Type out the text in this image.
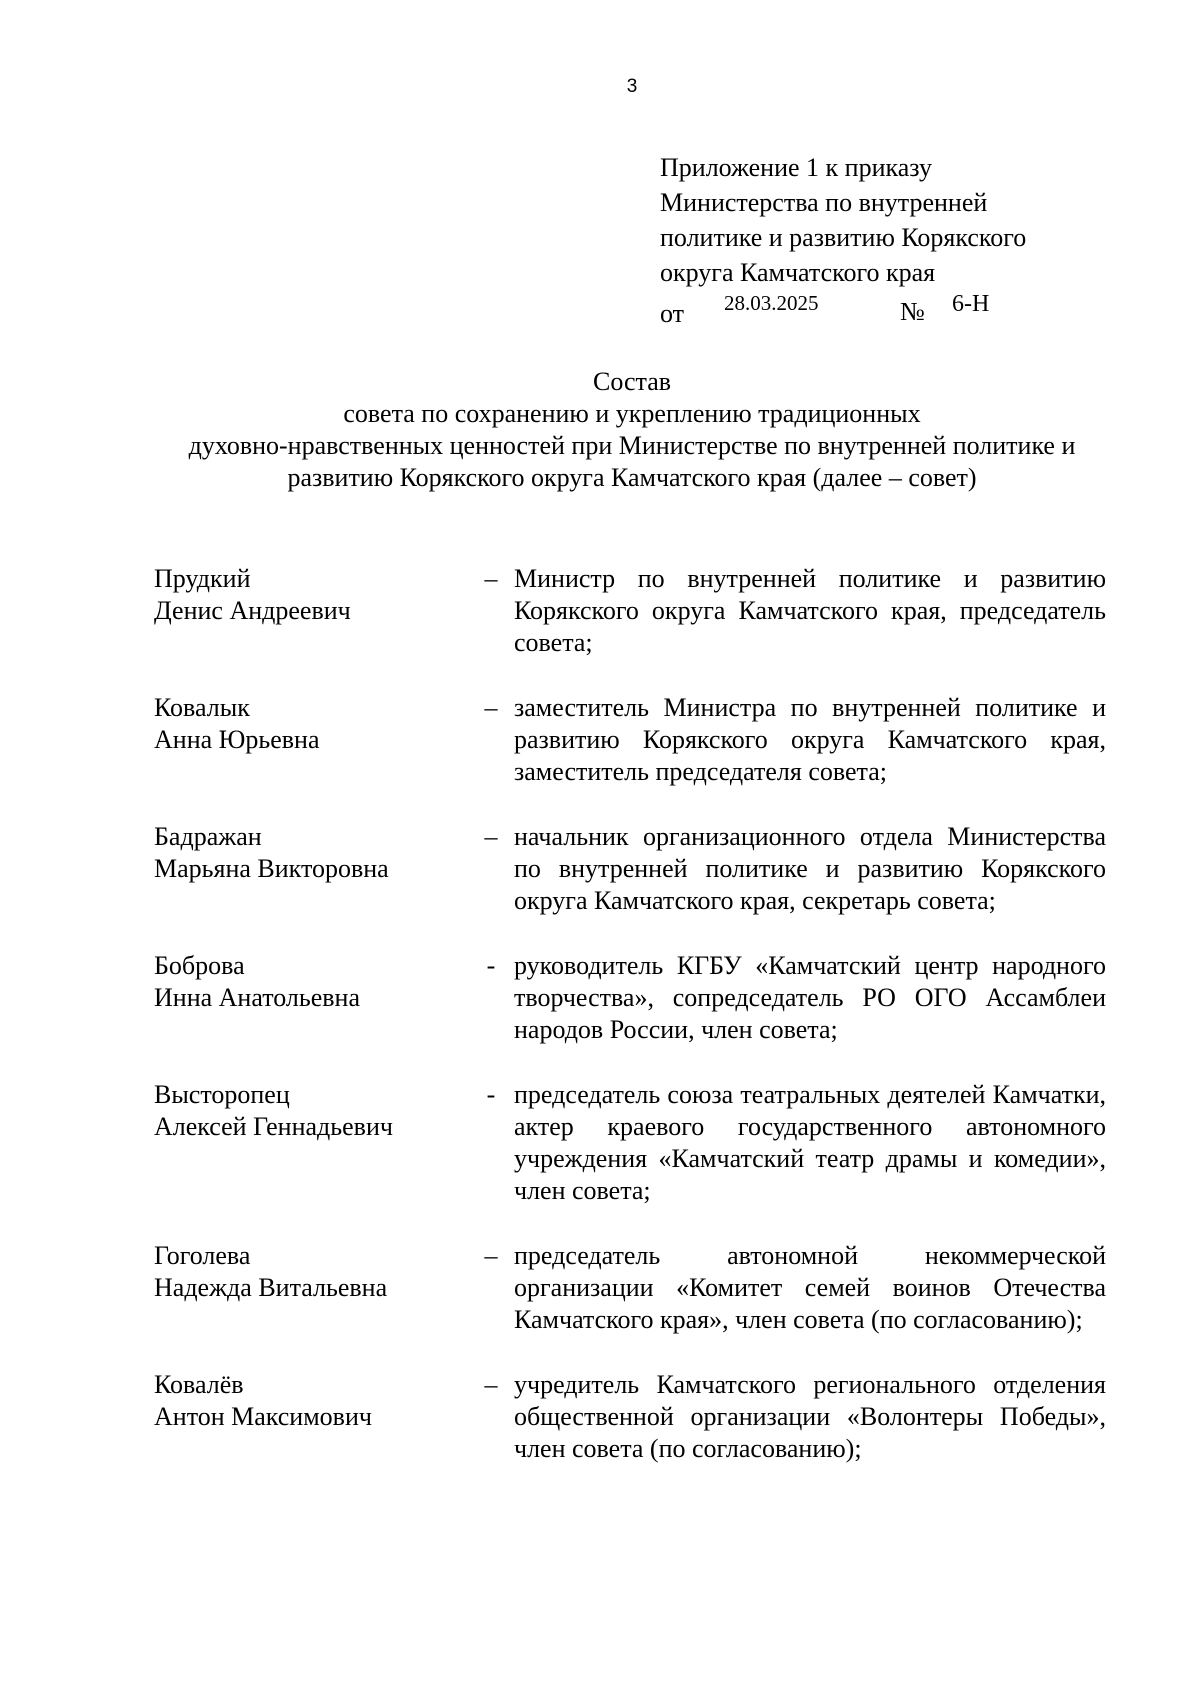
3
Приложение 1 к приказу
Министерства по внутренней
политике и развитию Корякского
округа Камчатского края
от 28.03.2025	№ 6-Н
Состав
совета по сохранению и укреплению традиционных
духовно-нравственных ценностей при Министерстве по внутренней политике и
развитию Корякского округа Камчатского края (далее – совет)
Прудкий
Денис Андреевич
– Министр по внутренней политике и развитию Корякского округа Камчатского края, председатель совета;
Ковалык
Анна Юрьевна
– заместитель Министра по внутренней политике и развитию Корякского округа Камчатского края, заместитель председателя совета;
Бадражан
Марьяна Викторовна
– начальник организационного отдела Министерства по внутренней политике и развитию Корякского округа Камчатского края, секретарь совета;
Боброва
Инна Анатольевна
- руководитель КГБУ «Камчатский центр народного творчества», сопредседатель РО ОГО Ассамблеи народов России, член совета;
Высторопец
Алексей Геннадьевич
- председатель союза театральных деятелей Камчатки, актер краевого государственного автономного учреждения «Камчатский театр драмы и комедии», член совета;
Гоголева
Надежда Витальевна
– председатель автономной некоммерческой организации «Комитет семей воинов Отечества Камчатского края», член совета (по согласованию);
Ковалёв
Антон Максимович
– учредитель Камчатского регионального отделения общественной организации «Волонтеры Победы», член совета (по согласованию);
